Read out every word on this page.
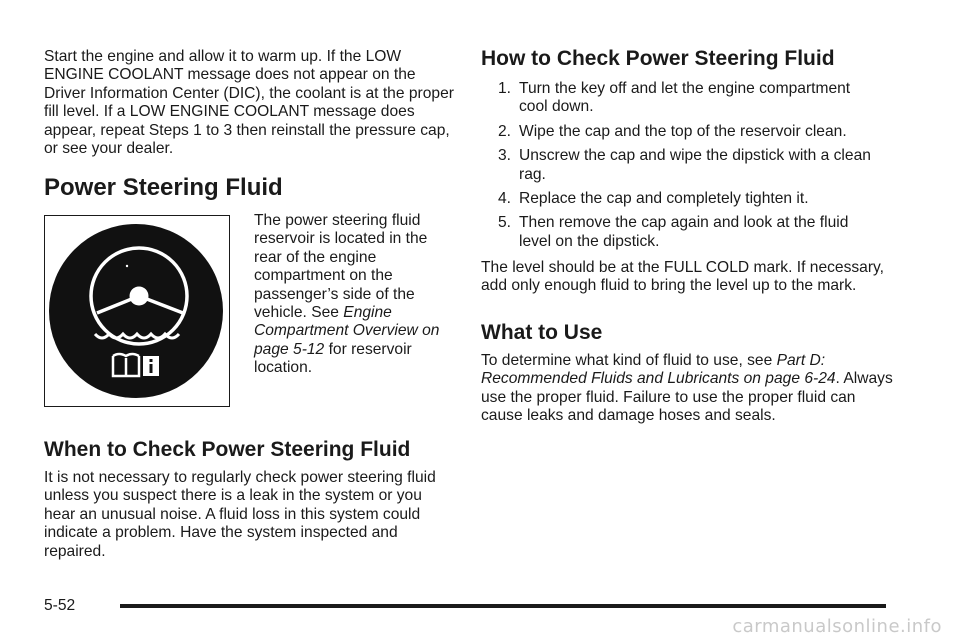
Start the engine and allow it to warm up. If the LOW ENGINE COOLANT message does not appear on the Driver Information Center (DIC), the coolant is at the proper fill level. If a LOW ENGINE COOLANT message does appear, repeat Steps 1 to 3 then reinstall the pressure cap, or see your dealer.

Power Steering Fluid

The power steering fluid reservoir is located in the rear of the engine compartment on the passenger’s side of the vehicle. See Engine Compartment Overview on page 5-12 for reservoir location.

When to Check Power Steering Fluid

It is not necessary to regularly check power steering fluid unless you suspect there is a leak in the system or you hear an unusual noise. A fluid loss in this system could indicate a problem. Have the system inspected and repaired.

How to Check Power Steering Fluid
1. Turn the key off and let the engine compartment cool down.
2. Wipe the cap and the top of the reservoir clean.
3. Unscrew the cap and wipe the dipstick with a clean rag.
4. Replace the cap and completely tighten it.
5. Then remove the cap again and look at the fluid level on the dipstick.

The level should be at the FULL COLD mark. If necessary, add only enough fluid to bring the level up to the mark.

What to Use

To determine what kind of fluid to use, see Part D: Recommended Fluids and Lubricants on page 6-24. Always use the proper fluid. Failure to use the proper fluid can cause leaks and damage hoses and seals.

5-52
carmanualsonline.info
